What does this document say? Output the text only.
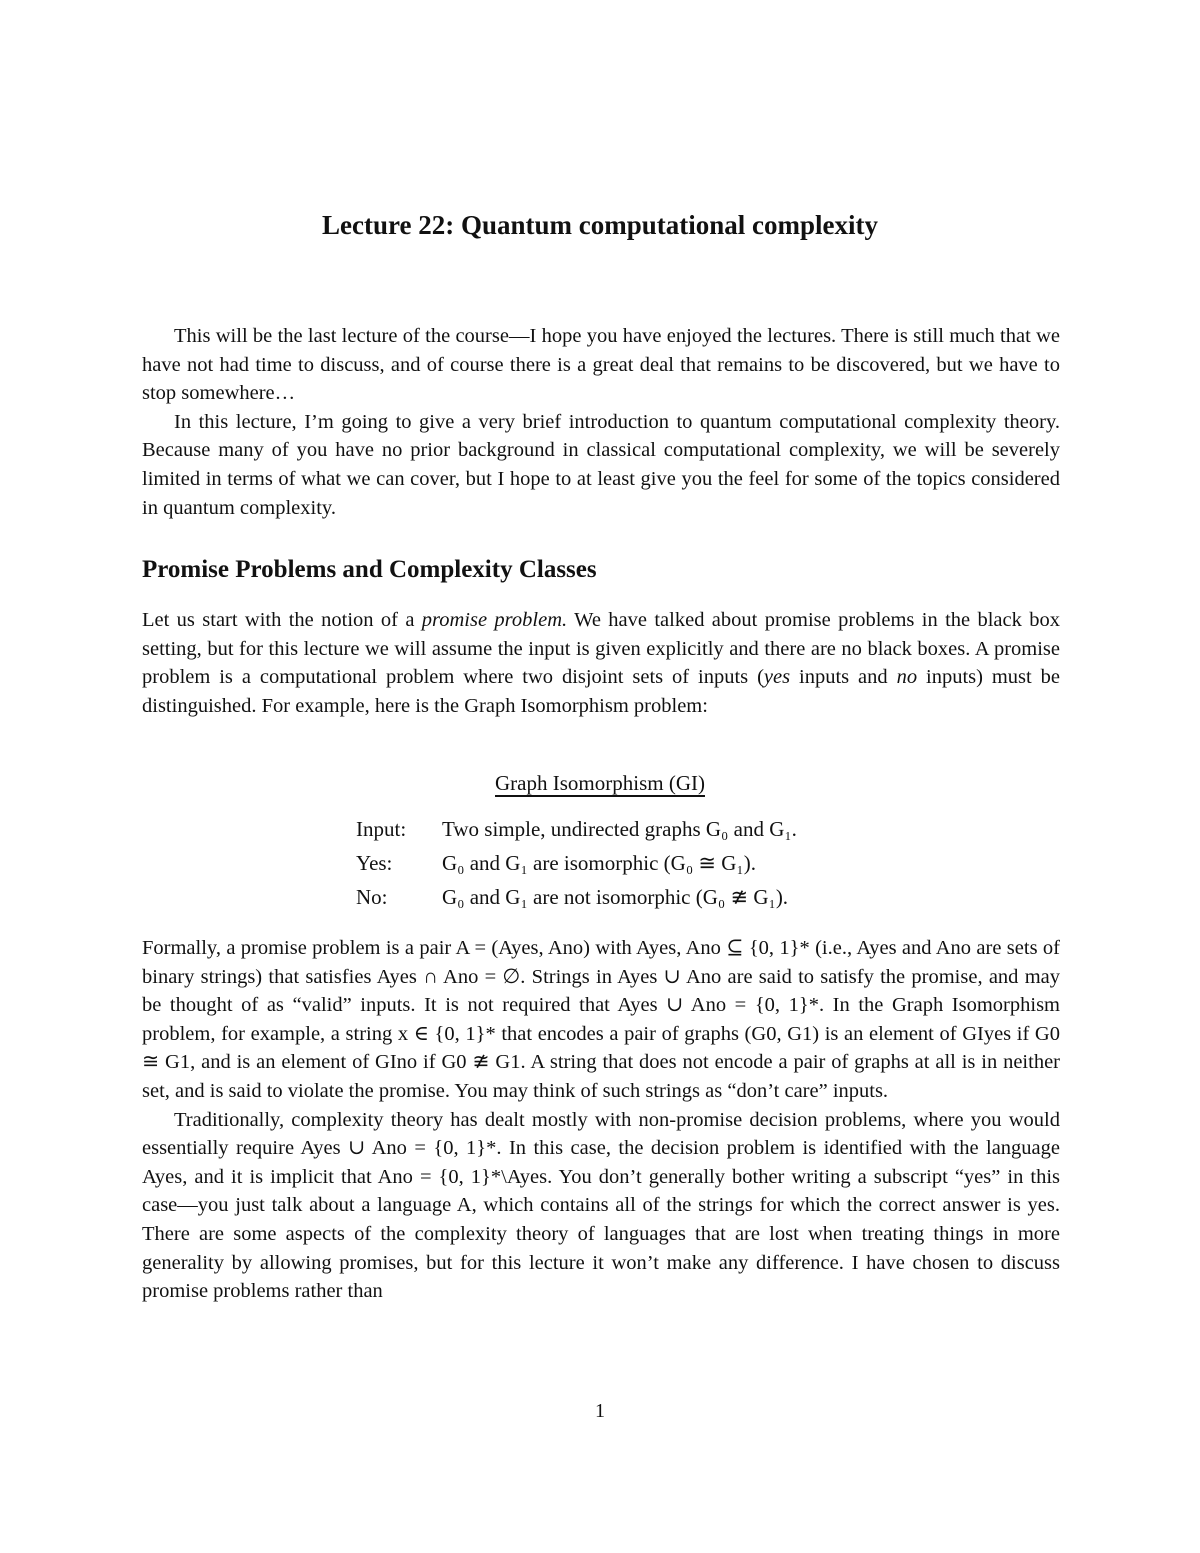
Lecture 22: Quantum computational complexity

This will be the last lecture of the course—I hope you have enjoyed the lectures. There is still much that we have not had time to discuss, and of course there is a great deal that remains to be discovered, but we have to stop somewhere…

In this lecture, I’m going to give a very brief introduction to quantum computational complexity theory. Because many of you have no prior background in classical computational complexity, we will be severely limited in terms of what we can cover, but I hope to at least give you the feel for some of the topics considered in quantum complexity.

Promise Problems and Complexity Classes

Let us start with the notion of a promise problem. We have talked about promise problems in the black box setting, but for this lecture we will assume the input is given explicitly and there are no black boxes. A promise problem is a computational problem where two disjoint sets of inputs (yes inputs and no inputs) must be distinguished. For example, here is the Graph Isomorphism problem:

Graph Isomorphism (GI)
Input:	Two simple, undirected graphs G₀ and G₁.
Yes:	G₀ and G₁ are isomorphic (G₀ ≅ G₁).
No:	G₀ and G₁ are not isomorphic (G₀ ≇ G₁).

Formally, a promise problem is a pair A = (Ayes, Ano) with Ayes, Ano ⊆ {0, 1}* (i.e., Ayes and Ano are sets of binary strings) that satisfies Ayes ∩ Ano = ∅. Strings in Ayes ∪ Ano are said to satisfy the promise, and may be thought of as “valid” inputs. It is not required that Ayes ∪ Ano = {0, 1}*. In the Graph Isomorphism problem, for example, a string x ∈ {0, 1}* that encodes a pair of graphs (G0, G1) is an element of GIyes if G0 ≅ G1, and is an element of GIno if G0 ≇ G1. A string that does not encode a pair of graphs at all is in neither set, and is said to violate the promise. You may think of such strings as “don’t care” inputs.

Traditionally, complexity theory has dealt mostly with non-promise decision problems, where you would essentially require Ayes ∪ Ano = {0, 1}*. In this case, the decision problem is identified with the language Ayes, and it is implicit that Ano = {0, 1}*\Ayes. You don’t generally bother writing a subscript “yes” in this case—you just talk about a language A, which contains all of the strings for which the correct answer is yes. There are some aspects of the complexity theory of languages that are lost when treating things in more generality by allowing promises, but for this lecture it won’t make any difference. I have chosen to discuss promise problems rather than

1
